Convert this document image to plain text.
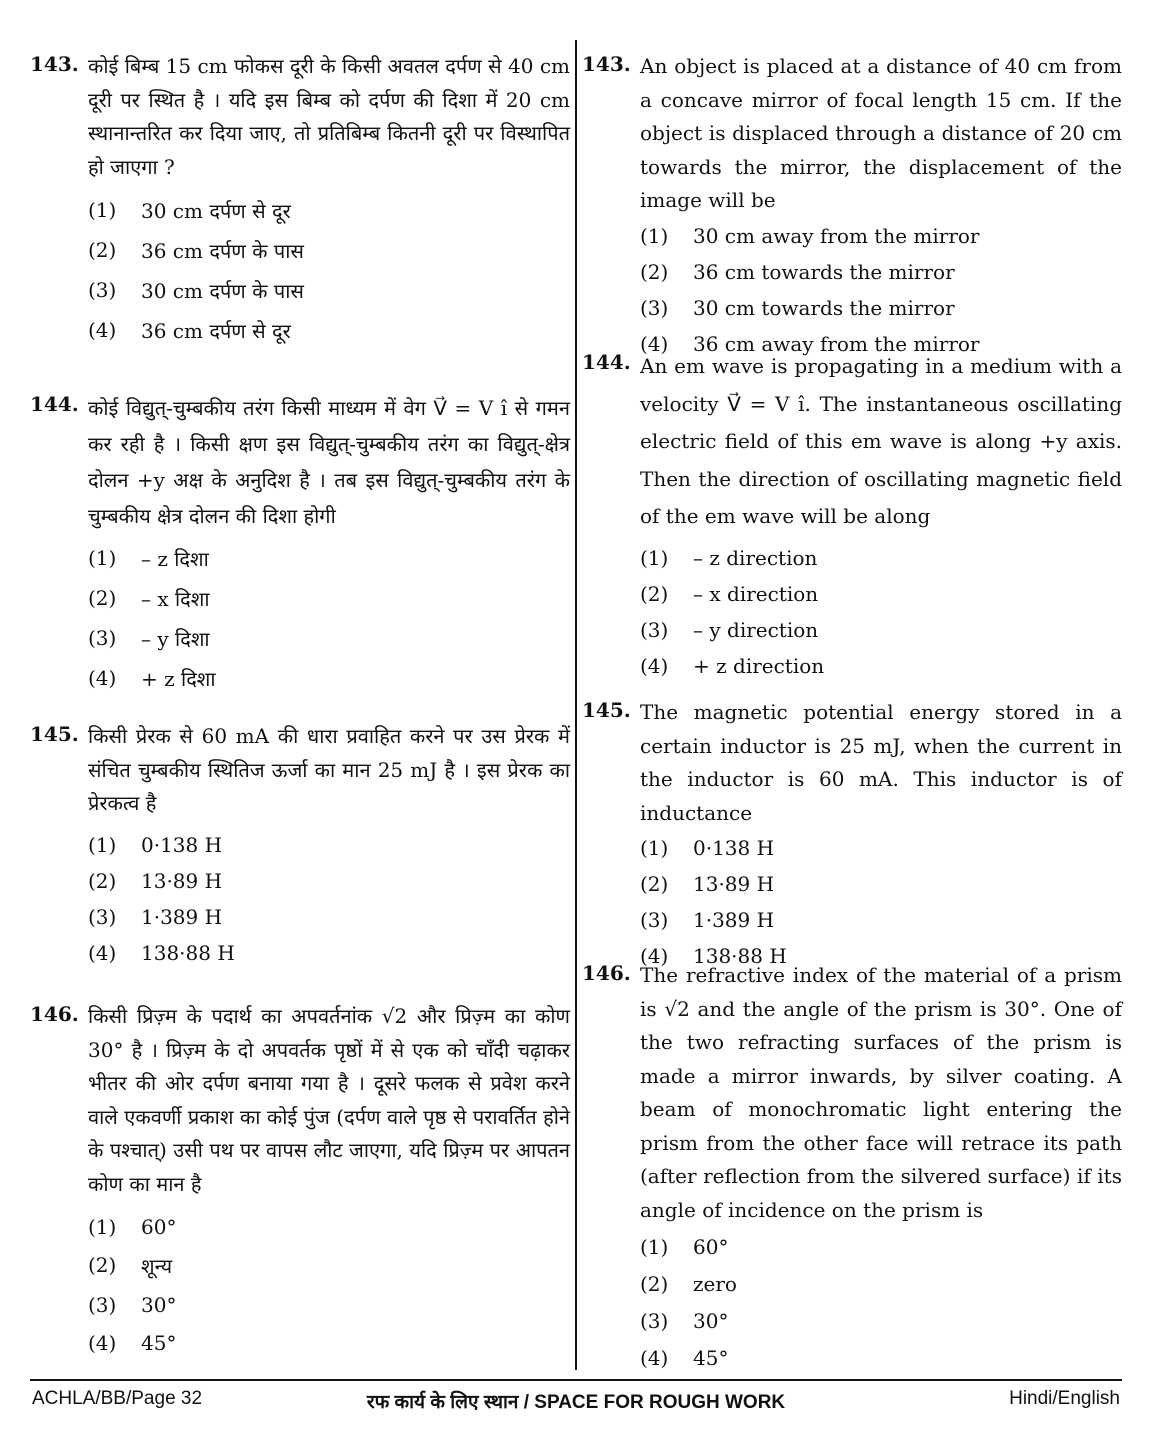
143. कोई बिम्ब 15 cm फोकस दूरी के किसी अवतल दर्पण से 40 cm दूरी पर स्थित है । यदि इस बिम्ब को दर्पण की दिशा में 20 cm स्थानान्तरित कर दिया जाए, तो प्रतिबिम्ब कितनी दूरी पर विस्थापित हो जाएगा ?
(1)	30 cm दर्पण से दूर
(2)	36 cm दर्पण के पास
(3)	30 cm दर्पण के पास
(4)	36 cm दर्पण से दूर
144. कोई विद्युत्-चुम्बकीय तरंग किसी माध्यम में वेग V⃗ = V î से गमन कर रही है । किसी क्षण इस विद्युत्-चुम्बकीय तरंग का विद्युत्-क्षेत्र दोलन +y अक्ष के अनुदिश है । तब इस विद्युत्-चुम्बकीय तरंग के चुम्बकीय क्षेत्र दोलन की दिशा होगी
(1)	– z दिशा
(2)	– x दिशा
(3)	– y दिशा
(4)	+ z दिशा
145. किसी प्रेरक से 60 mA की धारा प्रवाहित करने पर उस प्रेरक में संचित चुम्बकीय स्थितिज ऊर्जा का मान 25 mJ है । इस प्रेरक का प्रेरकत्व है
(1)	0·138 H
(2)	13·89 H
(3)	1·389 H
(4)	138·88 H
146. किसी प्रिज़्म के पदार्थ का अपवर्तनांक √2 और प्रिज़्म का कोण 30° है । प्रिज़्म के दो अपवर्तक पृष्ठों में से एक को चाँदी चढ़ाकर भीतर की ओर दर्पण बनाया गया है । दूसरे फलक से प्रवेश करने वाले एकवर्णी प्रकाश का कोई पुंज (दर्पण वाले पृष्ठ से परावर्तित होने के पश्चात्) उसी पथ पर वापस लौट जाएगा, यदि प्रिज़्म पर आपतन कोण का मान है
(1)	60°
(2)	शून्य
(3)	30°
(4)	45°
143. An object is placed at a distance of 40 cm from a concave mirror of focal length 15 cm. If the object is displaced through a distance of 20 cm towards the mirror, the displacement of the image will be
(1)	30 cm away from the mirror
(2)	36 cm towards the mirror
(3)	30 cm towards the mirror
(4)	36 cm away from the mirror
144. An em wave is propagating in a medium with a velocity V⃗ = V î. The instantaneous oscillating electric field of this em wave is along +y axis. Then the direction of oscillating magnetic field of the em wave will be along
(1)	– z direction
(2)	– x direction
(3)	– y direction
(4)	+ z direction
145. The magnetic potential energy stored in a certain inductor is 25 mJ, when the current in the inductor is 60 mA. This inductor is of inductance
(1)	0·138 H
(2)	13·89 H
(3)	1·389 H
(4)	138·88 H
146. The refractive index of the material of a prism is √2 and the angle of the prism is 30°. One of the two refracting surfaces of the prism is made a mirror inwards, by silver coating. A beam of monochromatic light entering the prism from the other face will retrace its path (after reflection from the silvered surface) if its angle of incidence on the prism is
(1)	60°
(2)	zero
(3)	30°
(4)	45°
रफ कार्य के लिए स्थान / SPACE FOR ROUGH WORK
ACHLA/BB/Page 32	Hindi/English
